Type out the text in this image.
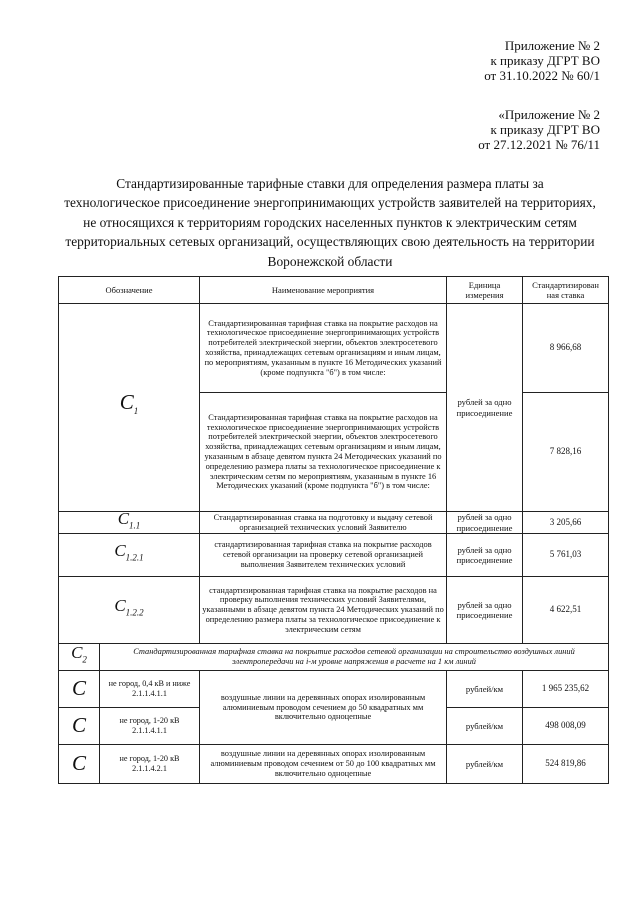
Приложение № 2
к приказу ДГРТ ВО
от 31.10.2022 № 60/1
«Приложение № 2
к приказу ДГРТ ВО
от 27.12.2021 № 76/11
Стандартизированные тарифные ставки для определения размера платы за
технологическое присоединение энергопринимающих устройств заявителей на территориях,
не относящихся к территориям городских населенных пунктов к электрическим сетям
территориальных сетевых организаций, осуществляющих свою деятельность на территории
Воронежской области
Обозначение		Наименование мероприятия	Единица измерения	Стандартизирован ная ставка
$C_1$		Стандартизированная тарифная ставка на покрытие расходов на технологическое присоединение энергопринимающих устройств потребителей электрической энергии, объектов электросетевого хозяйства, принадлежащих сетевым организациям и иным лицам, по мероприятиям, указанным в пункте 16 Методических указаний (кроме подпункта "б") в том числе:	рублей за одно присоединение	8 966,68
		Стандартизированная тарифная ставка на покрытие расходов на технологическое присоединение энергопринимающих устройств потребителей электрической энергии, объектов электросетевого хозяйства, принадлежащих сетевым организациям и иным лицам, указанным в абзаце девятом пункта 24 Методических указаний по определению размера платы за технологическое присоединение к электрическим сетям по мероприятиям, указанным в пункте 16 Методических указаний (кроме подпункта "б") в том числе:		7 828,16
$C_{1.1}$		Стандартизированная ставка на подготовку и выдачу сетевой организацией технических условий Заявителю	рублей за одно присоединение	3 205,66
$C_{1.2.1}$		стандартизированная тарифная ставка на покрытие расходов сетевой организации на проверку сетевой организацией выполнения Заявителем технических условий	рублей за одно присоединение	5 761,03
$C_{1.2.2}$		стандартизированная тарифная ставка на покрытие расходов на проверку выполнения технических условий Заявителями, указанными в абзаце девятом пункта 24 Методических указаний по определению размера платы за технологическое присоединение к электрическим сетям	рублей за одно присоединение	4 622,51
$C_2$	Стандартизированная тарифная ставка на покрытие расходов сетевой организации на строительство воздушных линий электропередачи на i-м уровне напряжения в расчете на 1 км линий			
C	не город, 0,4 кВ и ниже 2.1.1.4.1.1	воздушные линии на деревянных опорах изолированным алюминиевым проводом сечением до 50 квадратных мм включительно одноцепные	рублей/км	1 965 235,62
C	не город, 1-20 кВ 2.1.1.4.1.1		рублей/км	498 008,09
C	не город, 1-20 кВ 2.1.1.4.2.1	воздушные линии на деревянных опорах изолированным алюминиевым проводом сечением от 50 до 100 квадратных мм включительно одноцепные	рублей/км	524 819,86
